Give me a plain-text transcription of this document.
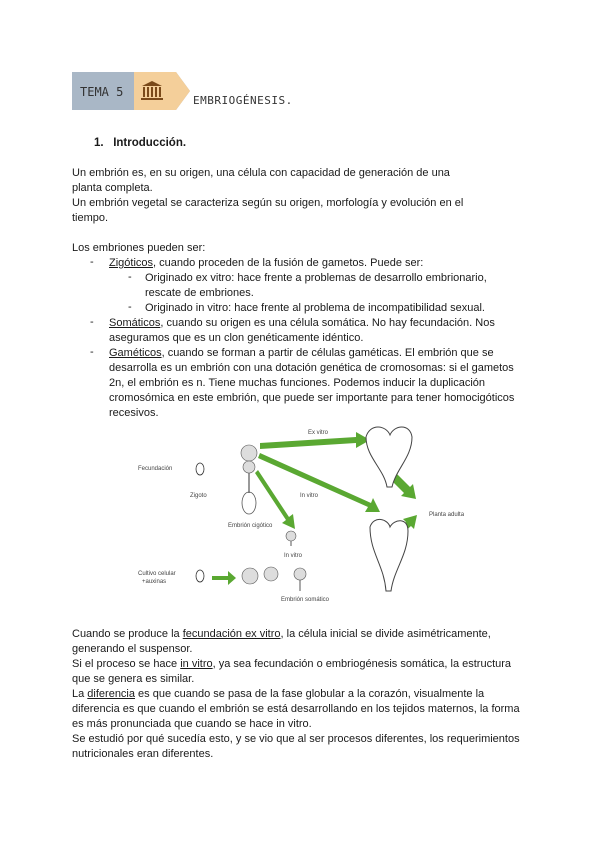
TEMA 5
EMBRIOGÉNESIS.
1. Introducción.
Un embrión es, en su origen, una célula con capacidad de generación de una
planta completa.
Un embrión vegetal se caracteriza según su origen, morfología y evolución en el
tiempo.
Los embriones pueden ser:
- Zigóticos, cuando proceden de la fusión de gametos. Puede ser:
- Originado ex vitro: hace frente a problemas de desarrollo embrionario,
rescate de embriones.
- Originado in vitro: hace frente al problema de incompatibilidad sexual.
- Somáticos, cuando su origen es una célula somática. No hay fecundación. Nos
aseguramos que es un clon genéticamente idéntico.
- Gaméticos, cuando se forman a partir de células gaméticas. El embrión que se
desarrolla es un embrión con una dotación genética de cromosomas: si el gametos
2n, el embrión es n. Tiene muchas funciones. Podemos inducir la duplicación
cromosómica en este embrión, que puede ser importante para tener homocigóticos
recesivos.
Fecundación
Zigoto
Embrión cigótico
Ex vitro
In vitro
Planta adulta
In vitro
Cultivo celular
+auxinas
Embrión somático
Cuando se produce la fecundación ex vitro, la célula inicial se divide asimétricamente,
generando el suspensor.
Si el proceso se hace in vitro, ya sea fecundación o embriogénesis somática, la estructura
que se genera es similar.
La diferencia es que cuando se pasa de la fase globular a la corazón, visualmente la
diferencia es que cuando el embrión se está desarrollando en los tejidos maternos, la forma
es más pronunciada que cuando se hace in vitro.
Se estudió por qué sucedía esto, y se vio que al ser procesos diferentes, los requerimientos
nutricionales eran diferentes.
